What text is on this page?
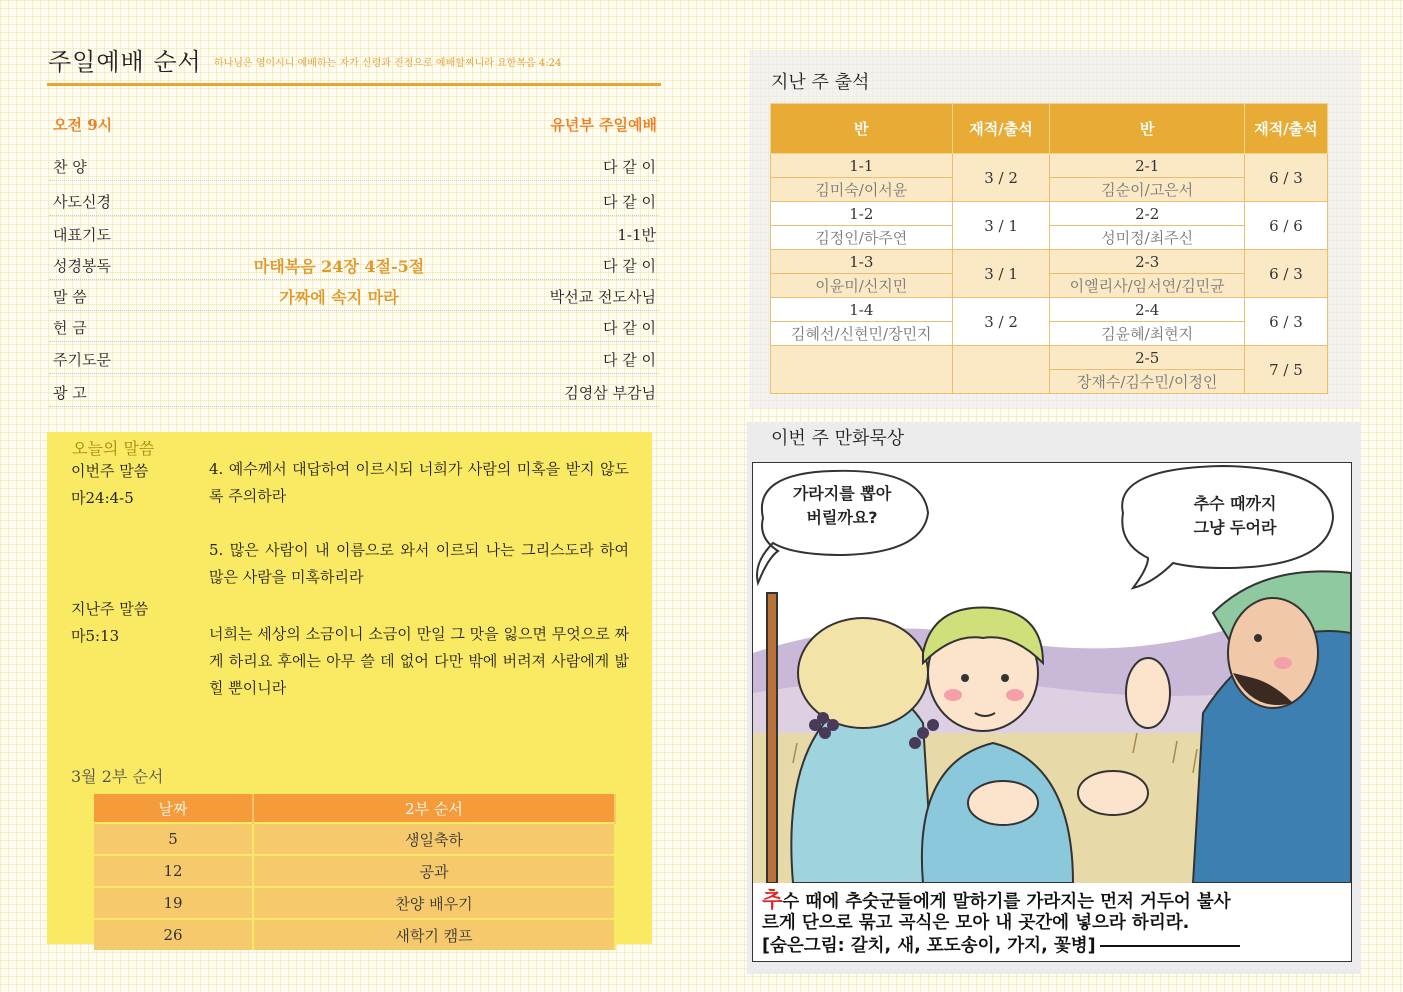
주일예배 순서 하나님은 영이시니 예배하는 자가 신령과 진정으로 예배할찌니라 요한복음 4:24
오전 9시	유년부 주일예배
찬 양	다 같 이
사도신경	다 같 이
대표기도	1-1반
성경봉독	마태복음 24장 4절-5절	다 같 이
말 씀	가짜에 속지 마라	박선교 전도사님
헌 금	다 같 이
주기도문	다 같 이
광 고	김영삼 부감님
오늘의 말씀
이번주 말씀
마24:4-5
4. 예수께서 대답하여 이르시되 너희가 사람의 미혹을 받지 않도록 주의하라
5. 많은 사람이 내 이름으로 와서 이르되 나는 그리스도라 하여 많은 사람을 미혹하리라
지난주 말씀
마5:13	너희는 세상의 소금이니 소금이 만일 그 맛을 잃으면 무엇으로 짜게 하리요 후에는 아무 쓸 데 없어 다만 밖에 버려져 사람에게 밟힐 뿐이니라
3월 2부 순서
날짜	2부 순서
5	생일축하
12	공과
19	찬양 배우기
26	새학기 캠프
지난 주 출석
반	재적/출석	반	재적/출석
1-1	3 / 2	2-1	6 / 3
김미숙/이서윤		김순이/고은서	
1-2	3 / 1	2-2	6 / 6
김정인/하주연		성미정/최주신	
1-3	3 / 1	2-3	6 / 3
이윤미/신지민		이엘리사/임서연/김민균	
1-4	3 / 2	2-4	6 / 3
김혜선/신현민/장민지		김윤혜/최현지	
		2-5	7 / 5
		장재수/김수민/이정인	
이번 주 만화묵상
가라지를 뽑아
버릴까요?
추수 때까지
그냥 두어라
추수 때에 추숫군들에게 말하기를 가라지는 먼저 거두어 불사
르게 단으로 묶고 곡식은 모아 내 곳간에 넣으라 하리라.
[숨은그림: 갈치, 새, 포도송이, 가지, 꽃병]
